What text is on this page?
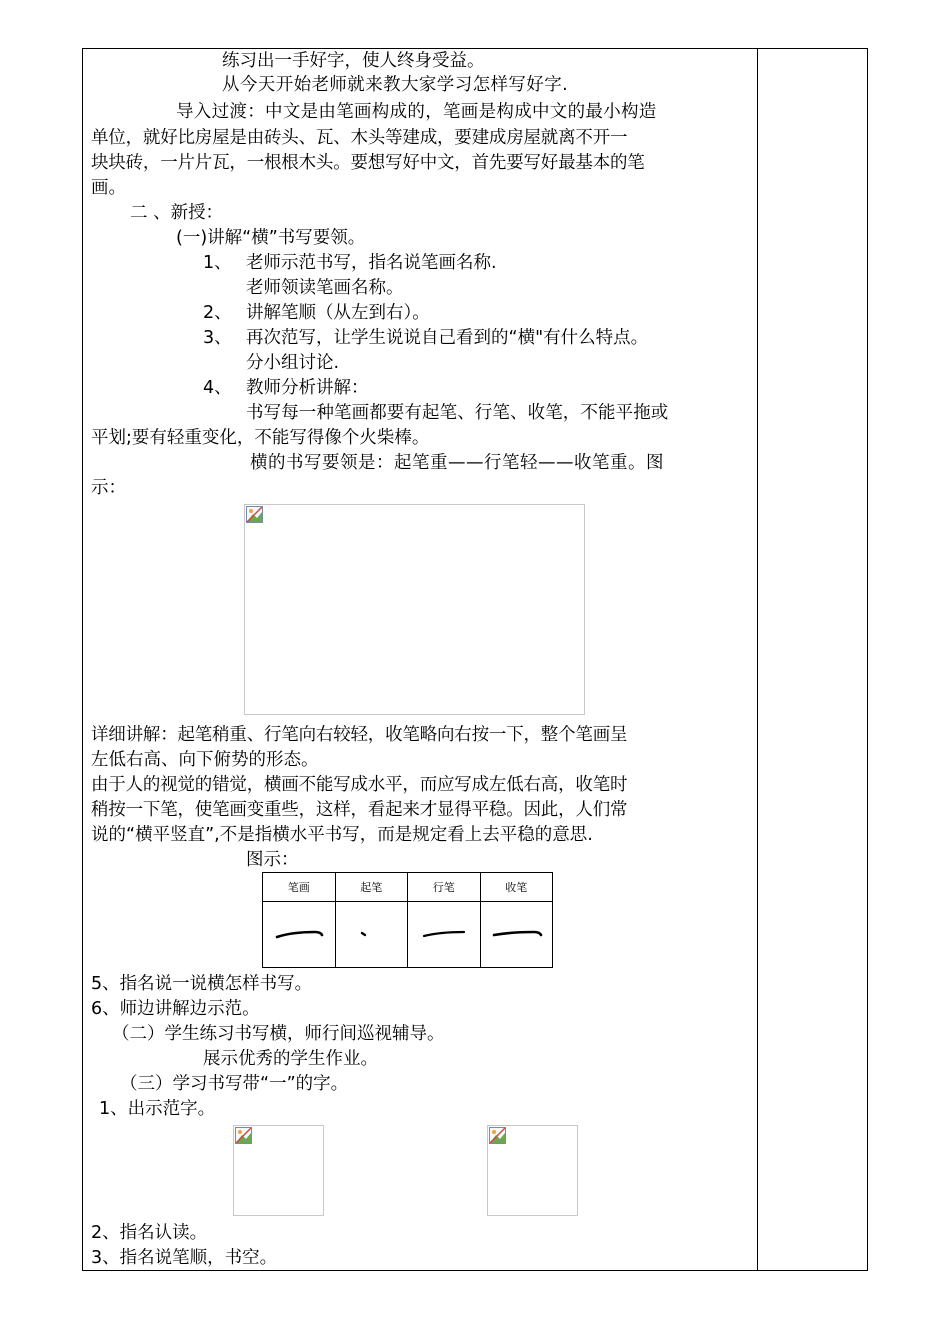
练习出一手好字，使人终身受益。
从今天开始老师就来教大家学习怎样写好字.
导入过渡：中文是由笔画构成的，笔画是构成中文的最小构造
单位，就好比房屋是由砖头、瓦、木头等建成，要建成房屋就离不开一
块块砖，一片片瓦，一根根木头。要想写好中文，首先要写好最基本的笔
画。
二 、新授：
(一)讲解“横”书写要领。
1、 老师示范书写，指名说笔画名称.
老师领读笔画名称。
2、 讲解笔顺（从左到右）。
3、 再次范写，让学生说说自己看到的“横"有什么特点。
分小组讨论.
4、 教师分析讲解：
书写每一种笔画都要有起笔、行笔、收笔，不能平拖或
平划;要有轻重变化，不能写得像个火柴棒。
横的书写要领是：起笔重——行笔轻——收笔重。图
示：
详细讲解：起笔稍重、行笔向右较轻，收笔略向右按一下，整个笔画呈
左低右高、向下俯势的形态。
由于人的视觉的错觉，横画不能写成水平，而应写成左低右高，收笔时
稍按一下笔，使笔画变重些，这样，看起来才显得平稳。因此，人们常
说的“横平竖直”,不是指横水平书写，而是规定看上去平稳的意思.
图示：
笔画	起笔	行笔	收笔

5、指名说一说横怎样书写。
6、师边讲解边示范。
（二）学生练习书写横，师行间巡视辅导。
展示优秀的学生作业。
（三）学习书写带“一”的字。
1、出示范字。
2、指名认读。
3、指名说笔顺，书空。
